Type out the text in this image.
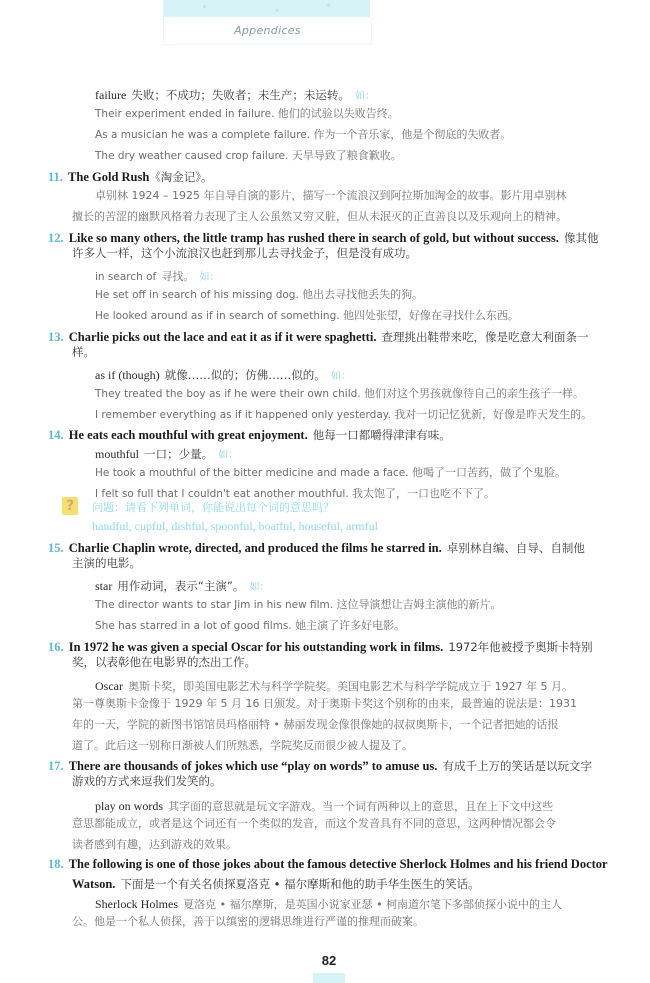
Appendices
failure 失败；不成功；失败者；未生产；未运转。 如：
Their experiment ended in failure. 他们的试验以失败告终。
As a musician he was a complete failure. 作为一个音乐家，他是个彻底的失败者。
The dry weather caused crop failure. 天旱导致了粮食歉收。
11. The Gold Rush《淘金记》。
卓别林 1924 – 1925 年自导自演的影片，描写一个流浪汉到阿拉斯加淘金的故事。影片用卓别林
擅长的苦涩的幽默风格着力表现了主人公虽然又穷又脏，但从未泯灭的正直善良以及乐观向上的精神。
12. Like so many others, the little tramp has rushed there in search of gold, but without success. 像其他
许多人一样，这个小流浪汉也赶到那儿去寻找金子，但是没有成功。
in search of 寻找。 如：
He set off in search of his missing dog. 他出去寻找他丢失的狗。
He looked around as if in search of something. 他四处张望，好像在寻找什么东西。
13. Charlie picks out the lace and eat it as if it were spaghetti. 查理挑出鞋带来吃，像是吃意大利面条一
样。
as if (though) 就像……似的；仿佛……似的。 如：
They treated the boy as if he were their own child. 他们对这个男孩就像待自己的亲生孩子一样。
I remember everything as if it happened only yesterday. 我对一切记忆犹新，好像是昨天发生的。
14. He eats each mouthful with great enjoyment. 他每一口都嚼得津津有味。
mouthful 一口；少量。 如：
He took a mouthful of the bitter medicine and made a face. 他喝了一口苦药，做了个鬼脸。
I felt so full that I couldn't eat another mouthful. 我太饱了，一口也吃不下了。
?	问题：请看下列单词，你能说出每个词的意思吗？
handful, cupful, dishful, spoonful, boatful, houseful, armful
15. Charlie Chaplin wrote, directed, and produced the films he starred in. 卓别林自编、自导、自制他
主演的电影。
star 用作动词，表示“主演”。 如：
The director wants to star Jim in his new film. 这位导演想让吉姆主演他的新片。
She has starred in a lot of good films. 她主演了许多好电影。
16. In 1972 he was given a special Oscar for his outstanding work in films. 1972年他被授予奥斯卡特别
奖，以表彰他在电影界的杰出工作。
Oscar 奥斯卡奖，即美国电影艺术与科学学院奖。美国电影艺术与科学学院成立于 1927 年 5 月。
第一尊奥斯卡金像于 1929 年 5 月 16 日颁发。对于奥斯卡奖这个别称的由来，最普遍的说法是：1931
年的一天，学院的新图书馆馆员玛格丽特 • 赫丽发现金像很像她的叔叔奥斯卡，一个记者把她的话报
道了。此后这一别称日渐被人们所熟悉，学院奖反而很少被人提及了。
17. There are thousands of jokes which use “play on words” to amuse us. 有成千上万的笑话是以玩文字
游戏的方式来逗我们发笑的。
play on words 其字面的意思就是玩文字游戏。当一个词有两种以上的意思，且在上下文中这些
意思都能成立，或者是这个词还有一个类似的发音，而这个发音具有不同的意思，这两种情况都会令
读者感到有趣，达到游戏的效果。
18. The following is one of those jokes about the famous detective Sherlock Holmes and his friend Doctor
Watson. 下面是一个有关名侦探夏洛克 • 福尔摩斯和他的助手华生医生的笑话。
Sherlock Holmes 夏洛克 • 福尔摩斯，是英国小说家亚瑟 • 柯南道尔笔下多部侦探小说中的主人
公。他是一个私人侦探，善于以缜密的逻辑思维进行严谨的推理而破案。
82
